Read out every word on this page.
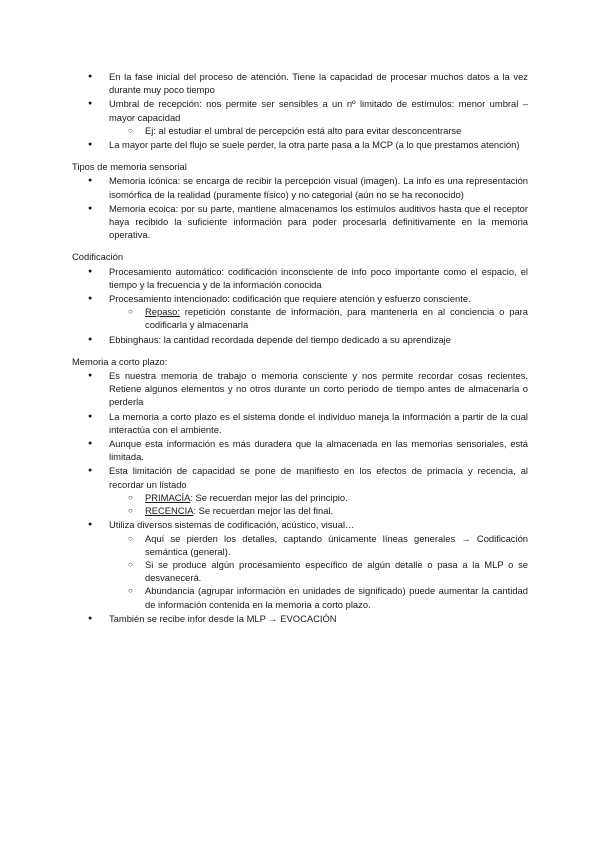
● En la fase inicial del proceso de atención. Tiene la capacidad de procesar muchos datos a la vez durante muy poco tiempo
● Umbral de recepción: nos permite ser sensibles a un nº limitado de estímulos: menor umbral – mayor capacidad
○ Ej: al estudiar el umbral de percepción está alto para evitar desconcentrarse
● La mayor parte del flujo se suele perder, la otra parte pasa a la MCP (a lo que prestamos atención)
Tipos de memoria sensorial
● Memoria icónica: se encarga de recibir la percepción visual (imagen). La info es una representación isomórfica de la realidad (puramente físico) y no categorial (aún no se ha reconocido)
● Memoria ecoica: por su parte, mantiene almacenamos los estímulos auditivos hasta que el receptor haya recibido la suficiente información para poder procesarla definitivamente en la memoria operativa.
Codificación
● Procesamiento automático: codificación inconsciente de info poco importante como el espacio, el tiempo y la frecuencia y de la información conocida
● Procesamiento intencionado: codificación que requiere atención y esfuerzo consciente.
○ Repaso: repetición constante de información, para mantenerla en al conciencia o para codificarla y almacenarla
● Ebbinghaus: la cantidad recordada depende del tiempo dedicado a su aprendizaje
Memoria a corto plazo:
● Es nuestra memoria de trabajo o memoria consciente y nos permite recordar cosas recientes. Retiene algunos elementos y no otros durante un corto periodo de tiempo antes de almacenarla o perderla
● La memoria a corto plazo es el sistema donde el individuo maneja la información a partir de la cual interactúa con el ambiente.
● Aunque esta información es más duradera que la almacenada en las memorias sensoriales, está limitada.
● Esta limitación de capacidad se pone de manifiesto en los efectos de primacía y recencia, al recordar un listado
○ PRIMACÍA: Se recuerdan mejor las del principio.
○ RECENCIA: Se recuerdan mejor las del final.
● Utiliza diversos sistemas de codificación, acústico, visual…
○ Aquí se pierden los detalles, captando únicamente líneas generales → Codificación semántica (general).
○ Si se produce algún procesamiento específico de algún detalle o pasa a la MLP o se desvanecerá.
○ Abundancia (agrupar información en unidades de significado) puede aumentar la cantidad de información contenida en la memoria a corto plazo.
● También se recibe infor desde la MLP → EVOCACIÓN
